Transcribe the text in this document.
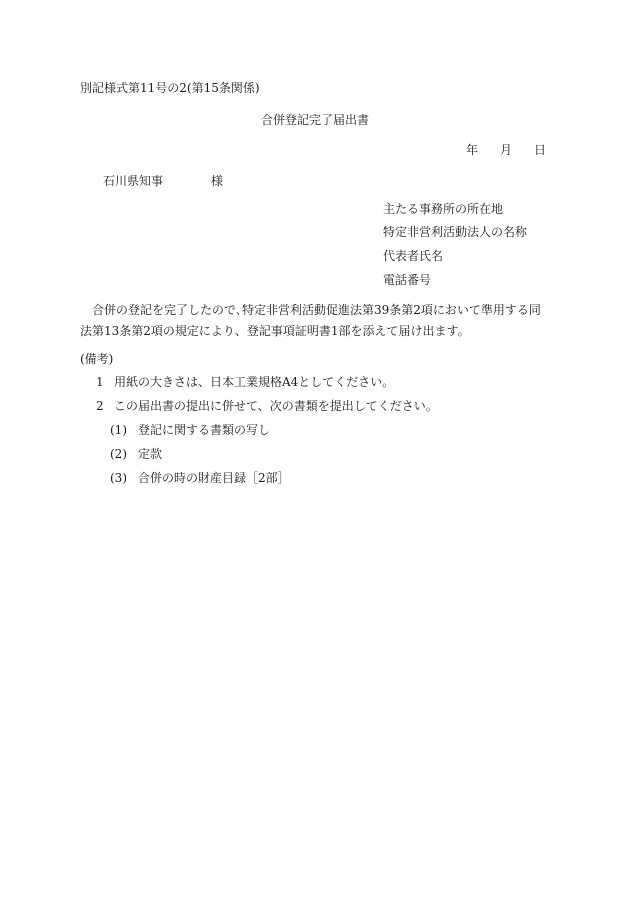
別記様式第11号の2(第15条関係)
合併登記完了届出書
年 月 日
石川県知事	様
主たる事務所の所在地
特定非営利活動法人の名称
代表者氏名
電話番号
合併の登記を完了したので､特定非営利活動促進法第39条第2項において準用する同法第13条第2項の規定により、登記事項証明書1部を添えて届け出ます。
(備考)
1 用紙の大きさは、日本工業規格A4としてください。
2 この届出書の提出に併せて、次の書類を提出してください。
(1) 登記に関する書類の写し
(2) 定款
(3) 合併の時の財産目録［2部］
